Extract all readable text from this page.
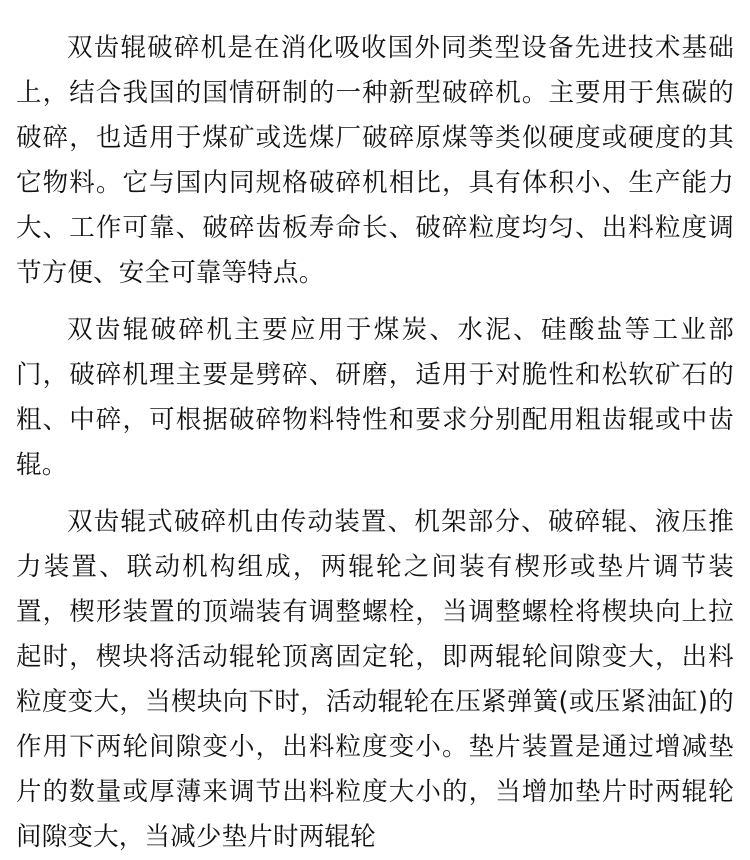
双齿辊破碎机是在消化吸收国外同类型设备先进技术基础上，结合我国的国情研制的一种新型破碎机。主要用于焦碳的破碎，也适用于煤矿或选煤厂破碎原煤等类似硬度或硬度的其它物料。它与国内同规格破碎机相比，具有体积小、生产能力大、工作可靠、破碎齿板寿命长、破碎粒度均匀、出料粒度调节方便、安全可靠等特点。

双齿辊破碎机主要应用于煤炭、水泥、硅酸盐等工业部门，破碎机理主要是劈碎、研磨，适用于对脆性和松软矿石的粗、中碎，可根据破碎物料特性和要求分别配用粗齿辊或中齿辊。

双齿辊式破碎机由传动装置、机架部分、破碎辊、液压推力装置、联动机构组成，两辊轮之间装有楔形或垫片调节装置，楔形装置的顶端装有调整螺栓，当调整螺栓将楔块向上拉起时，楔块将活动辊轮顶离固定轮，即两辊轮间隙变大，出料粒度变大，当楔块向下时，活动辊轮在压紧弹簧(或压紧油缸)的作用下两轮间隙变小，出料粒度变小。垫片装置是通过增减垫片的数量或厚薄来调节出料粒度大小的，当增加垫片时两辊轮间隙变大，当减少垫片时两辊轮
